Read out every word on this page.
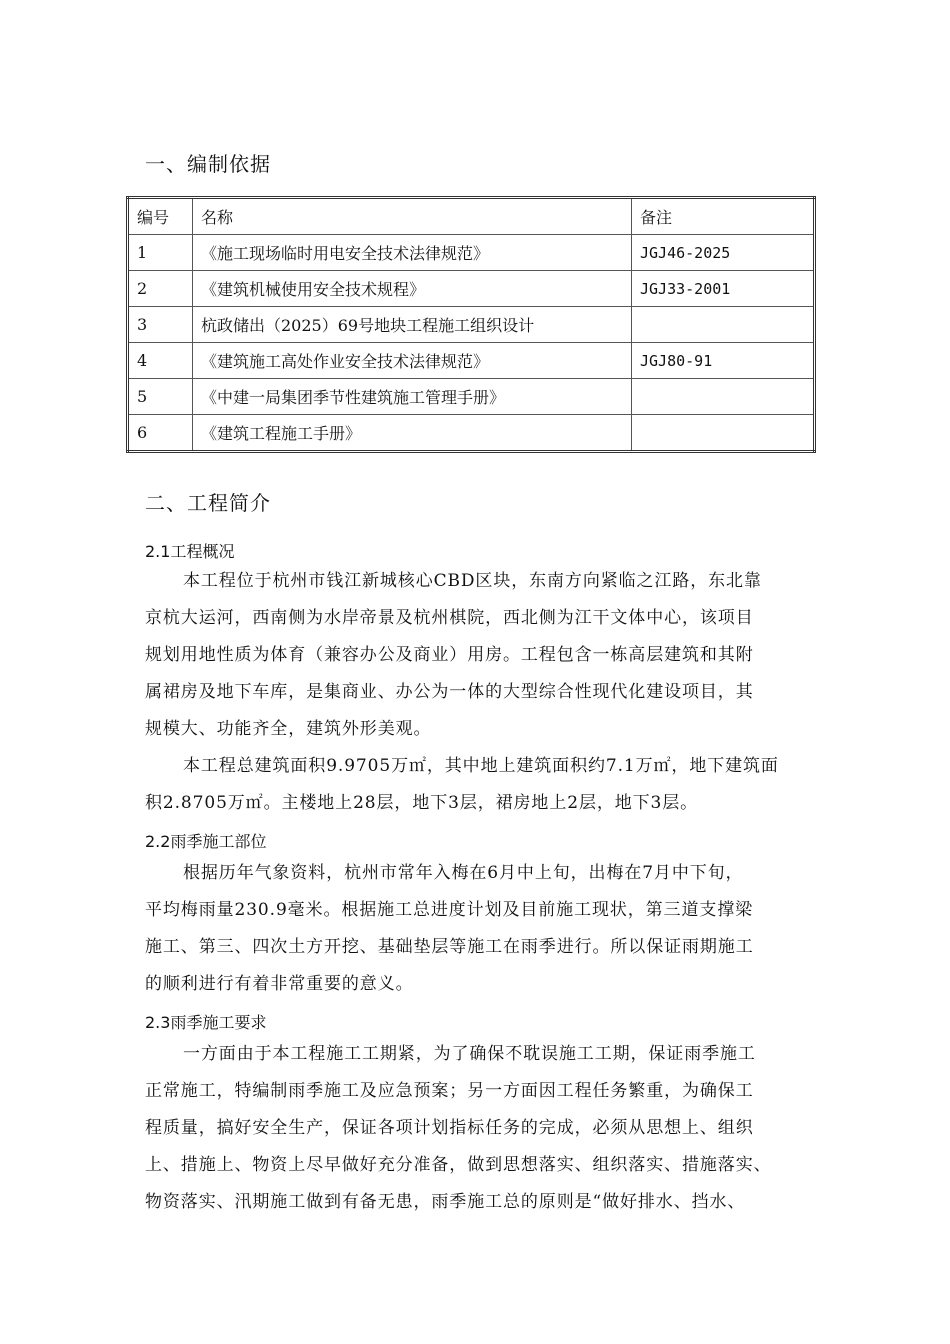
一、编制依据
编号	名称	备注
1	《施工现场临时用电安全技术法律规范》	JGJ46-2025
2	《建筑机械使用安全技术规程》	JGJ33-2001
3	杭政储出（2025）69号地块工程施工组织设计	
4	《建筑施工高处作业安全技术法律规范》	JGJ80-91
5	《中建一局集团季节性建筑施工管理手册》	
6	《建筑工程施工手册》	
二、工程简介
2.1工程概况
本工程位于杭州市钱江新城核心CBD区块，东南方向紧临之江路，东北靠
京杭大运河，西南侧为水岸帝景及杭州棋院，西北侧为江干文体中心，该项目
规划用地性质为体育（兼容办公及商业）用房。工程包含一栋高层建筑和其附
属裙房及地下车库，是集商业、办公为一体的大型综合性现代化建设项目，其
规模大、功能齐全，建筑外形美观。
本工程总建筑面积9.9705万㎡，其中地上建筑面积约7.1万㎡，地下建筑面
积2.8705万㎡。主楼地上28层，地下3层，裙房地上2层，地下3层。
2.2雨季施工部位
根据历年气象资料，杭州市常年入梅在6月中上旬，出梅在7月中下旬，
平均梅雨量230.9毫米。根据施工总进度计划及目前施工现状，第三道支撑梁
施工、第三、四次土方开挖、基础垫层等施工在雨季进行。所以保证雨期施工
的顺利进行有着非常重要的意义。
2.3雨季施工要求
一方面由于本工程施工工期紧，为了确保不耽误施工工期，保证雨季施工
正常施工，特编制雨季施工及应急预案；另一方面因工程任务繁重，为确保工
程质量，搞好安全生产，保证各项计划指标任务的完成，必须从思想上、组织
上、措施上、物资上尽早做好充分准备，做到思想落实、组织落实、措施落实、
物资落实、汛期施工做到有备无患，雨季施工总的原则是“做好排水、挡水、
